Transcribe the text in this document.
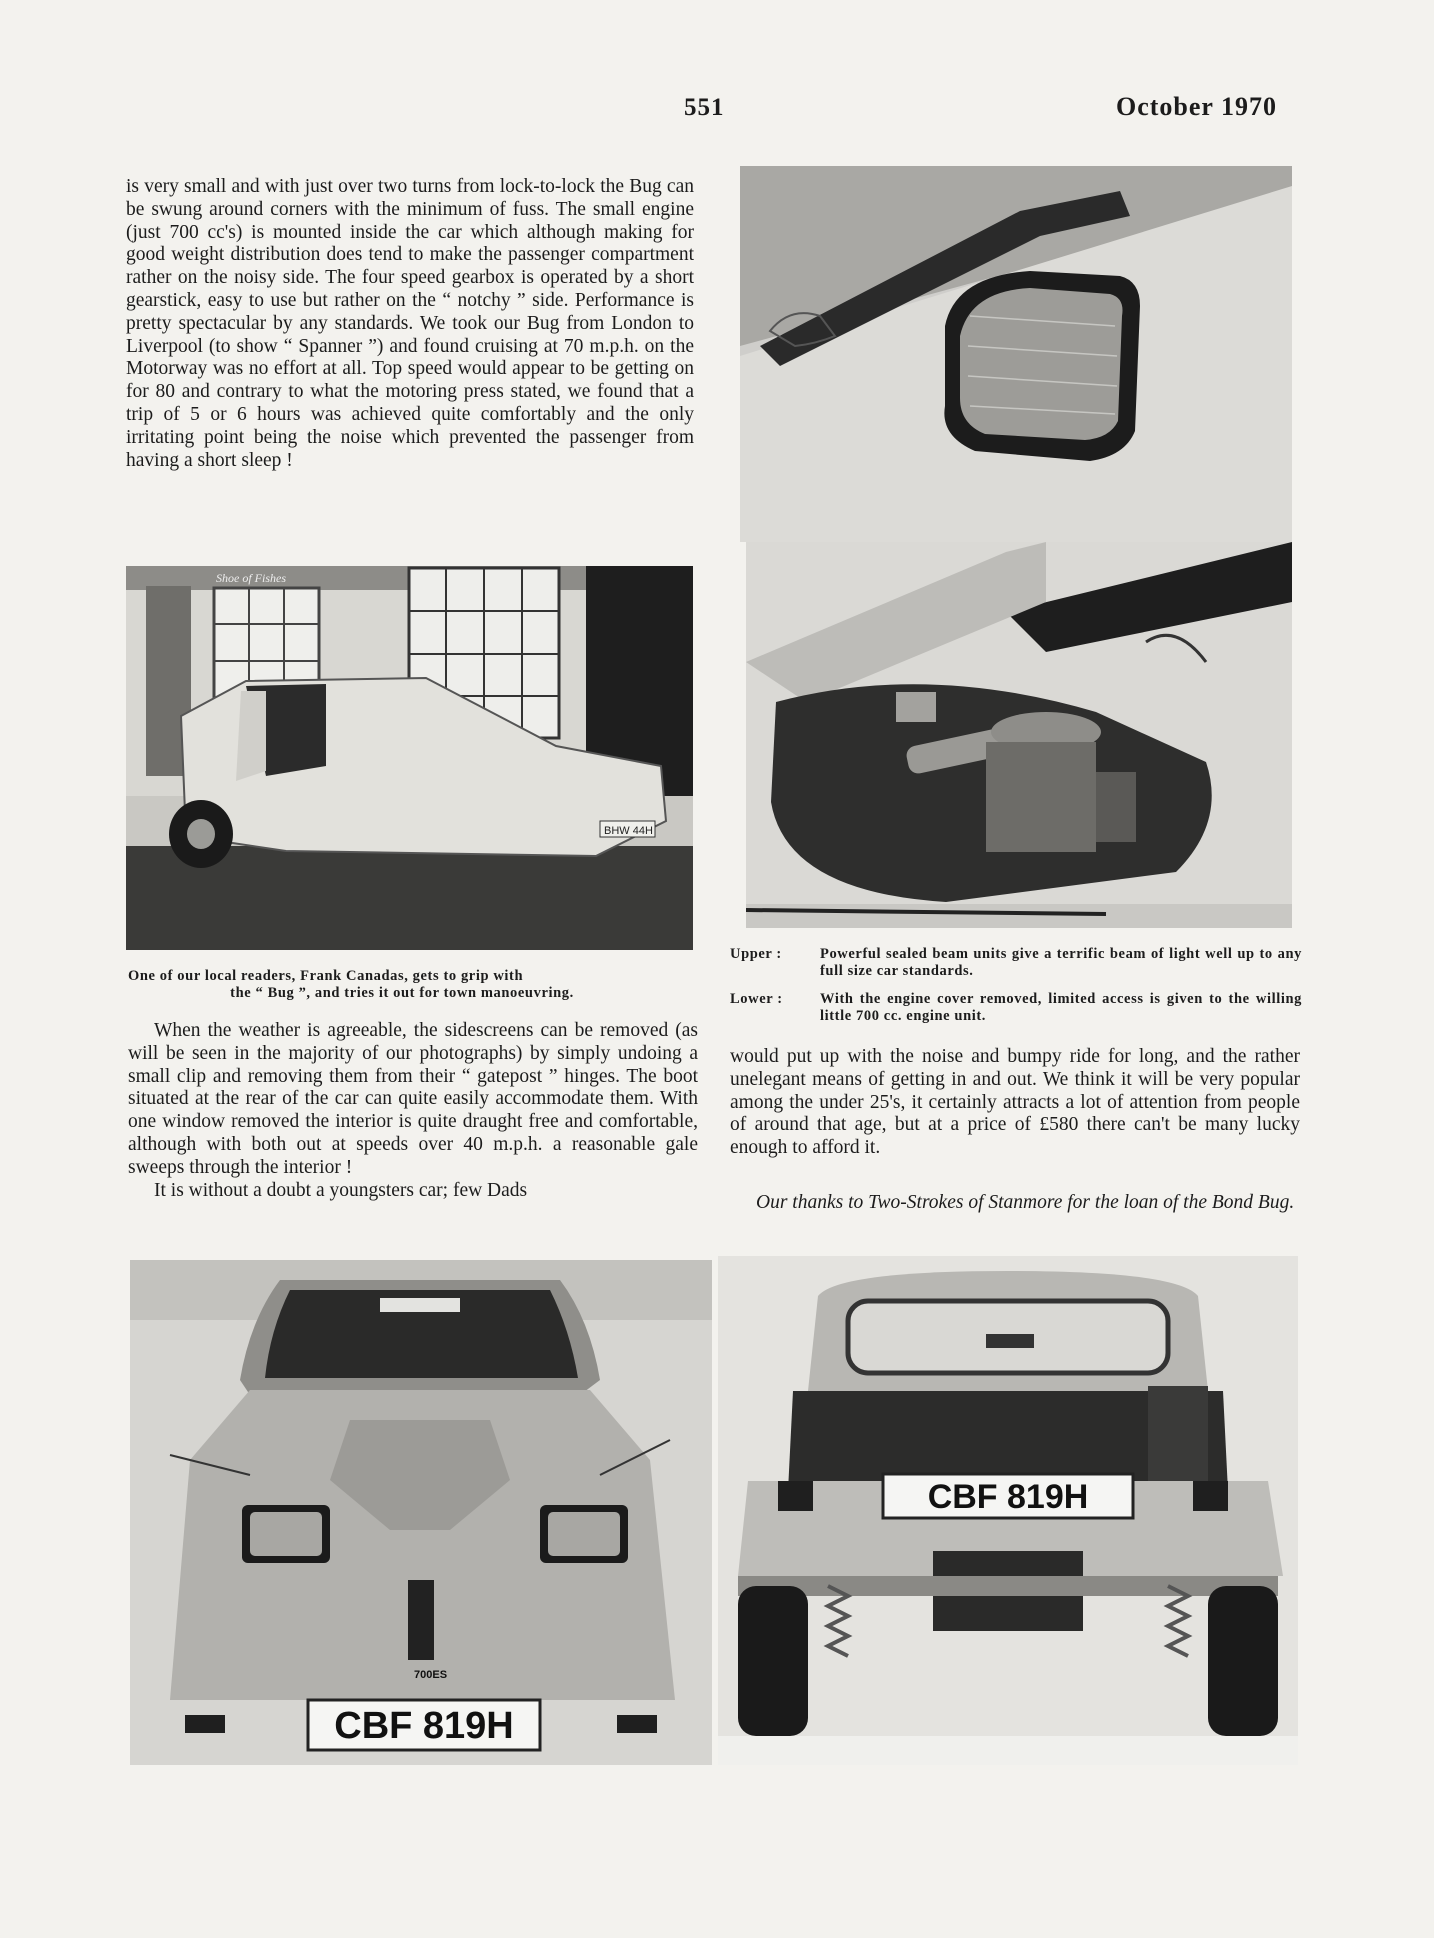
551	October 1970

is very small and with just over two turns from lock-to-lock the Bug can be swung around corners with the minimum of fuss. The small engine (just 700 cc's) is mounted inside the car which although making for good weight distribution does tend to make the passenger compartment rather on the noisy side. The four speed gearbox is operated by a short gearstick, easy to use but rather on the “ notchy ” side. Performance is pretty spectacular by any standards. We took our Bug from London to Liverpool (to show “ Spanner ”) and found cruising at 70 m.p.h. on the Motorway was no effort at all. Top speed would appear to be getting on for 80 and contrary to what the motoring press stated, we found that a trip of 5 or 6 hours was achieved quite comfortably and the only irritating point being the noise which prevented the passenger from having a short sleep !

BHW 44H
Shoe of Fishes
One of our local readers, Frank Canadas, gets to grip with
the “ Bug ”, and tries it out for town manoeuvring.

When the weather is agreeable, the sidescreens can be removed (as will be seen in the majority of our photographs) by simply undoing a small clip and removing them from their “ gatepost ” hinges. The boot situated at the rear of the car can quite easily accommodate them. With one window removed the interior is quite draught free and comfortable, although with both out at speeds over 40 m.p.h. a reasonable gale sweeps through the interior !

It is without a doubt a youngsters car; few Dads

Upper :	Powerful sealed beam units give a terrific beam of light well up to any full size car standards.
Lower :	With the engine cover removed, limited access is given to the willing little 700 cc. engine unit.

would put up with the noise and bumpy ride for long, and the rather unelegant means of getting in and out. We think it will be very popular among the under 25's, it certainly attracts a lot of attention from people of around that age, but at a price of £580 there can't be many lucky enough to afford it.

Our thanks to Two-Strokes of Stanmore for the loan of the Bond Bug.

700ES
CBF 819H
CBF 819H
